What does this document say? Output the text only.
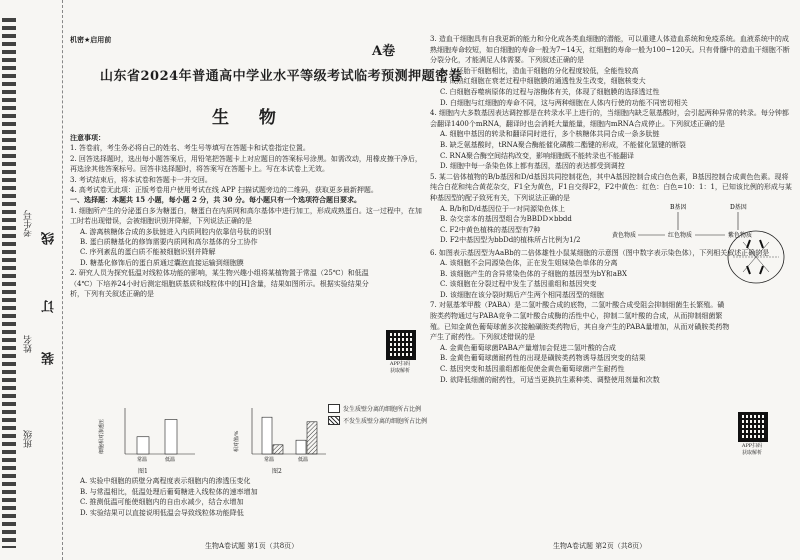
考生号
姓名
班级
线
订
装
机密★启用前
A卷
山东省2024年普通高中学业水平等级考试临考预测押题密卷
生 物

注意事项：

1. 答卷前，考生务必将自己的姓名、考生号等填写在答题卡和试卷指定位置。

2. 回答选择题时，选出每小题答案后，用铅笔把答题卡上对应题目的答案标号涂黑。如需改动，用橡皮擦干净后，再选涂其他答案标号。回答非选择题时，将答案写在答题卡上。写在本试卷上无效。

3. 考试结束后，将本试卷和答题卡一并交回。

4. 高考试卷无此项：正版考卷用户使用考试在线 APP 扫描试题旁边的二维码，获取更多最新押题。

一、选择题：本题共 15 小题，每小题 2 分，共 30 分。每小题只有一个选项符合题目要求。

1. 细胞所产生的分泌蛋白多为糖蛋白，糖蛋白在内质网和高尔基体中进行加工，形成成熟蛋白。这一过程中，在加工时若出现错误，会被细胞识别并降解，下列说法正确的是

A. 游离核糖体合成的多肽链进入内质网腔内依靠信号肽的识别

B. 蛋白质糖基化的修饰需要内质网和高尔基体的分工协作

C. 序列紊乱的蛋白质不能被细胞识别并降解

D. 糖基化修饰后的蛋白质通过囊泡直接运输到细胞膜

2. 研究人员为探究低温对线粒体功能的影响，某生物兴趣小组将某植物置于常温（25℃）和低温（4℃）下培养24小时后测定细胞质基质和线粒体中的[H]含量，结果如图所示。根据实验结果分析，下列有关叙述正确的是

APP扫码
获取解析
细胞相对渗透压
常温	低温
相对值/%
常温	低温
发生质壁分离的细胞所占比例
不发生质壁分离的细胞所占比例
图1	图2

A. 实验中细胞的质壁分离程度表示细胞内的渗透压变化

B. 与常温相比，低温处理后葡萄糖进入线粒体的速率增加

C. 推测低温可能使细胞内的自由水减少，结合水增加

D. 实验结果可以直接说明低温会导致线粒体功能降低

3. 造血干细胞具有自我更新的能力和分化成各类血细胞的潜能，可以重建人体造血系统和免疫系统。血液系统中的成熟细胞寿命较短，如白细胞的寿命一般为7~14天，红细胞的寿命一般为100~120天。只有骨髓中的造血干细胞不断分裂分化，才能满足人体需要。下列叙述正确的是

A. 与胚胎干细胞相比，造血干细胞的分化程度较低，全能性较高

B. 成熟红细胞在衰老过程中细胞膜的通透性发生改变，细胞核变大

C. 白细胞吞噬病原体的过程与溶酶体有关，体现了细胞膜的选择透过性

D. 白细胞与红细胞的寿命不同，这与两种细胞在人体内行使的功能不同密切相关

4. 细胞内大多数基因表达调控都是在转录水平上进行的，当细胞内缺乏氨基酸时，会引起两种异常的转录。每分钟都会翻译1400个mRNA，翻译时也会消耗大量能量，细胞内mRNA合成停止。下列叙述正确的是

A. 细胞中基因的转录和翻译同时进行，多个核糖体共同合成一条多肽链

B. 缺乏氨基酸时，tRNA聚合酶能催化磷酸二酯键的形成，不能催化氢键的断裂

C. RNA聚合酶空间结构改变，影响细胞既不能转录也不能翻译

D. 细胞中每一条染色体上都有基因，基因的表达都受到调控

5. 某二倍体植物的B/b基因和D/d基因共同控制花色，其中A基因控制合成白色色素，B基因控制合成黄色色素。现将纯合白花和纯合黄花杂交，F1全为黄色，F1自交得F2，F2中黄色：红色：白色=10：1：1，已知该比例的形成与某种基因型的配子致死有关，下列说法正确的是

A. B/b和D/d基因位于一对同源染色体上

B. 杂交亲本的基因型组合为BBDD×bbdd

C. F2中黄色植株的基因型有7种

D. F2中基因型为bbDd的植株所占比例为1/2

B基因	D基因
黄色物质	红色物质	紫色物质

6. 如图表示基因型为AaBb的二倍体雄性小鼠某细胞的示意图（图中数字表示染色体），下列相关叙述正确的是

A. 该细胞不会同源染色体，正在发生姐妹染色单体的分离

B. 该细胞产生的含异常染色体的子细胞的基因型为bY和aBX

C. 该细胞在分裂过程中发生了基因重组和基因突变

D. 该细胞在该分裂时期后产生两个相同基因型的细胞

7. 对氨基苯甲酸（PABA）是二氢叶酸合成的底物，二氢叶酸合成受阻会抑制细菌生长繁殖。磺胺类药物通过与PABA竞争二氢叶酸合成酶的活性中心，抑制二氢叶酸的合成，从而抑制细菌繁殖。已知金黄色葡萄球菌多次接触磺胺类药物后，其自身产生的PABA量增加，从而对磺胺类药物产生了耐药性。下列叙述错误的是

A. 金黄色葡萄球菌PABA产量增加会促进二氢叶酸的合成

B. 金黄色葡萄球菌耐药性的出现是磺胺类药物诱导基因突变的结果

C. 基因突变和基因重组都能促使金黄色葡萄球菌产生耐药性

D. 欲降低细菌的耐药性，可适当更换抗生素种类、调整使用剂量和次数

APP扫码
获取解析
生物A卷试题 第1页（共8页）	生物A卷试题 第2页（共8页）
